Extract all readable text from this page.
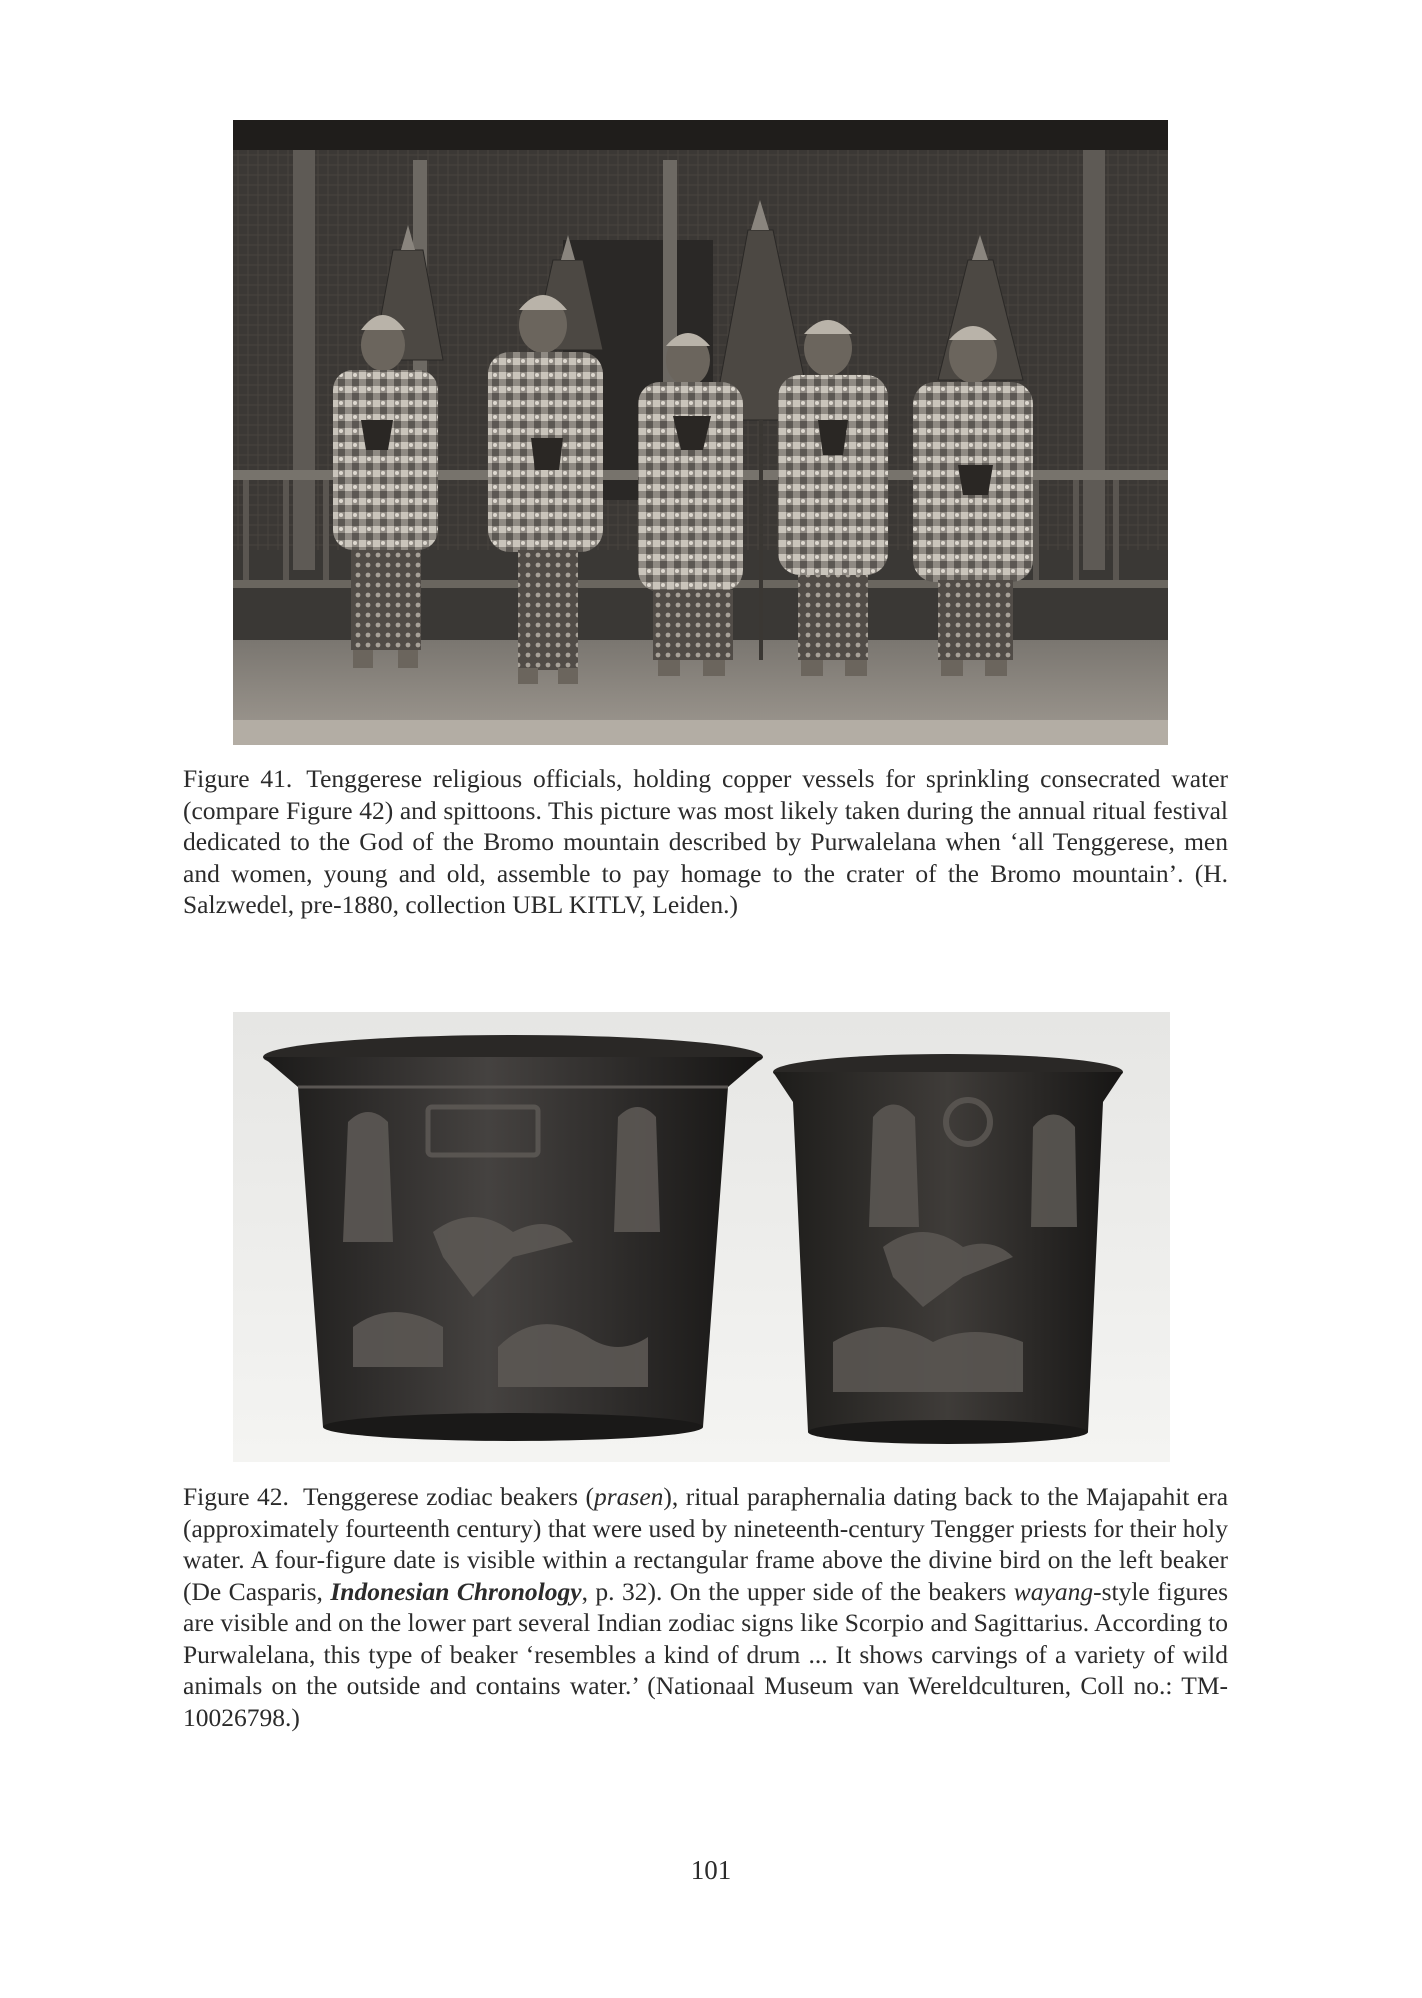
Figure 41. Tenggerese religious officials, holding copper vessels for sprinkling consecrated water (compare Figure 42) and spittoons. This picture was most likely taken during the annual ritual festival dedicated to the God of the Bromo mountain described by Purwalelana when ‘all Tenggerese, men and women, young and old, assemble to pay homage to the crater of the Bromo mountain’. (H. Salzwedel, pre-1880, collection UBL KITLV, Leiden.)
Figure 42. Tenggerese zodiac beakers (prasen), ritual paraphernalia dating back to the Majapahit era (approximately fourteenth century) that were used by nineteenth-century Tengger priests for their holy water. A four-figure date is visible within a rectangular frame above the divine bird on the left beaker (De Casparis, Indonesian Chronology, p. 32). On the upper side of the beakers wayang-style figures are visible and on the lower part several Indian zodiac signs like Scorpio and Sagittarius. According to Purwalelana, this type of beaker ‘resembles a kind of drum ... It shows carvings of a variety of wild animals on the outside and contains water.’ (Nationaal Museum van Wereldculturen, Coll no.: TM-10026798.)
101
